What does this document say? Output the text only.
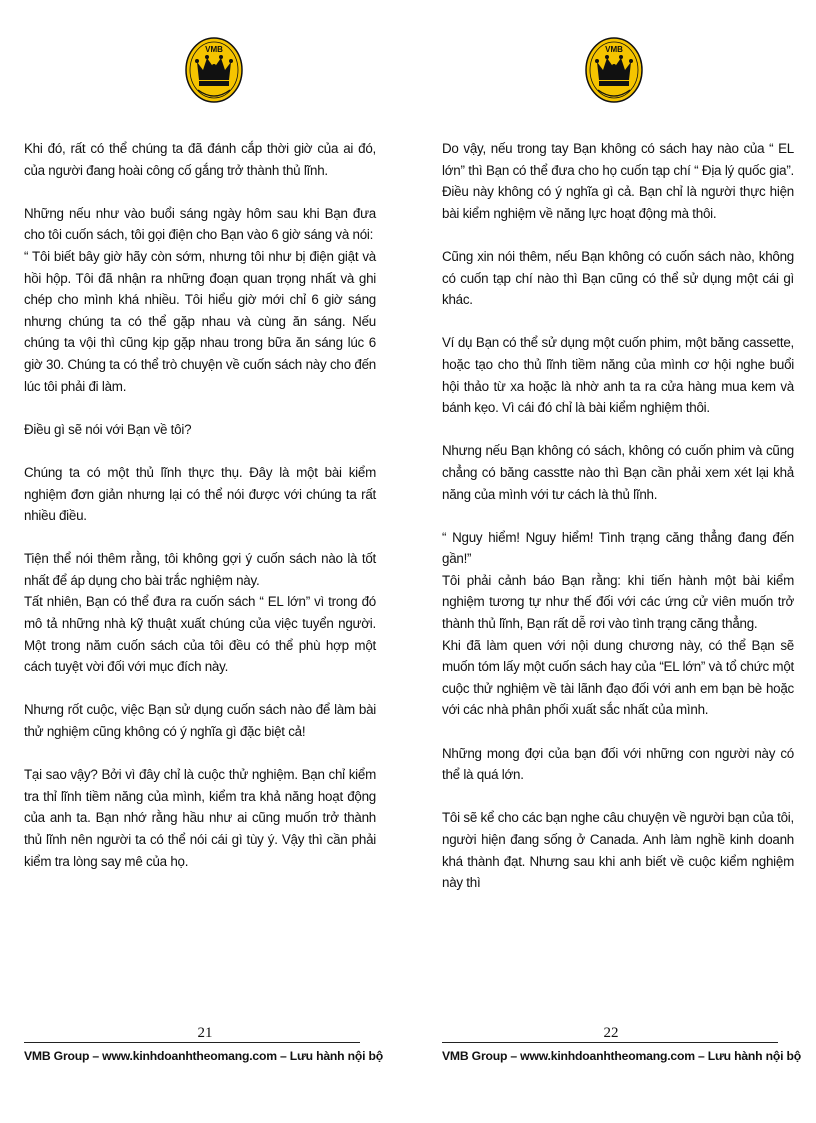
VMB

Khi đó, rất có thể chúng ta đã đánh cắp thời giờ của ai đó, của người đang hoài công cố gắng trở thành thủ lĩnh.

Những nếu như vào buổi sáng ngày hôm sau khi Bạn đưa cho tôi cuốn sách, tôi gọi điện cho Bạn vào 6 giờ sáng và nói:
“ Tôi biết bây giờ hãy còn sớm, nhưng tôi như bị điện giật và hồi hộp. Tôi đã nhận ra những đoạn quan trọng nhất và ghi chép cho mình khá nhiều. Tôi hiểu giờ mới chỉ 6 giờ sáng nhưng chúng ta có thể gặp nhau và cùng ăn sáng. Nếu chúng ta vội thì cũng kịp gặp nhau trong bữa ăn sáng lúc 6 giờ 30. Chúng ta có thể trò chuyện về cuốn sách này cho đến lúc tôi phải đi làm.

Điều gì sẽ nói với Bạn về tôi?

Chúng ta có một thủ lĩnh thực thụ. Đây là một bài kiểm nghiệm đơn giản nhưng lại có thể nói được với chúng ta rất nhiều điều.

Tiện thể nói thêm rằng, tôi không gợi ý cuốn sách nào là tốt nhất để áp dụng cho bài trắc nghiệm này.
Tất nhiên, Bạn có thể đưa ra cuốn sách “ EL lớn” vì trong đó mô tả những nhà kỹ thuật xuất chúng của việc tuyển người. Một trong năm cuốn sách của tôi đều có thể phù hợp một cách tuyệt vời đối với mục đích này.

Nhưng rốt cuộc, việc Bạn sử dụng cuốn sách nào để làm bài thử nghiệm cũng không có ý nghĩa gì đặc biệt cả!

Tại sao vậy? Bởi vì đây chỉ là cuộc thử nghiệm. Bạn chỉ kiểm tra thỉ lĩnh tiềm năng của mình, kiểm tra khả năng hoạt động của anh ta. Bạn nhớ rằng hầu như ai cũng muốn trở thành thủ lĩnh nên người ta có thể nói cái gì tùy ý. Vậy thì cần phải kiểm tra lòng say mê của họ.

21
VMB Group – www.kinhdoanhtheomang.com – Lưu hành nội bộ
VMB

Do vậy, nếu trong tay Bạn không có sách hay nào của “ EL lớn” thì Bạn có thể đưa cho họ cuốn tạp chí “ Địa lý quốc gia”. Điều này không có ý nghĩa gì cả. Bạn chỉ là người thực hiện bài kiểm nghiệm về năng lực hoạt động mà thôi.

Cũng xin nói thêm, nếu Bạn không có cuốn sách nào, không có cuốn tạp chí nào thì Bạn cũng có thể sử dụng một cái gì khác.

Ví dụ Bạn có thể sử dụng một cuốn phim, một băng cassette, hoặc tạo cho thủ lĩnh tiềm năng của mình cơ hội nghe buổi hội thảo từ xa hoặc là nhờ anh ta ra cửa hàng mua kem và bánh kẹo. Vì cái đó chỉ là bài kiểm nghiệm thôi.

Nhưng nếu Bạn không có sách, không có cuốn phim và cũng chẳng có băng casstte nào thì Bạn cần phải xem xét lại khả năng của mình với tư cách là thủ lĩnh.

“ Nguy hiểm! Nguy hiểm! Tình trạng căng thẳng đang đến gần!”
Tôi phải cảnh báo Bạn rằng: khi tiến hành một bài kiểm nghiệm tương tự như thế đối với các ứng cử viên muốn trở thành thủ lĩnh, Bạn rất dễ rơi vào tình trạng căng thẳng.
Khi đã làm quen với nội dung chương này, có thể Bạn sẽ muốn tóm lấy một cuốn sách hay của “EL lớn” và tổ chức một cuộc thử nghiệm về tài lãnh đạo đối với anh em bạn bè hoặc với các nhà phân phối xuất sắc nhất của mình.

Những mong đợi của bạn đối với những con người này có thể là quá lớn.

Tôi sẽ kể cho các bạn nghe câu chuyện về người bạn của tôi, người hiện đang sống ở Canada. Anh làm nghề kinh doanh khá thành đạt. Nhưng sau khi anh biết về cuộc kiểm nghiệm này thì

22
VMB Group – www.kinhdoanhtheomang.com – Lưu hành nội bộ
